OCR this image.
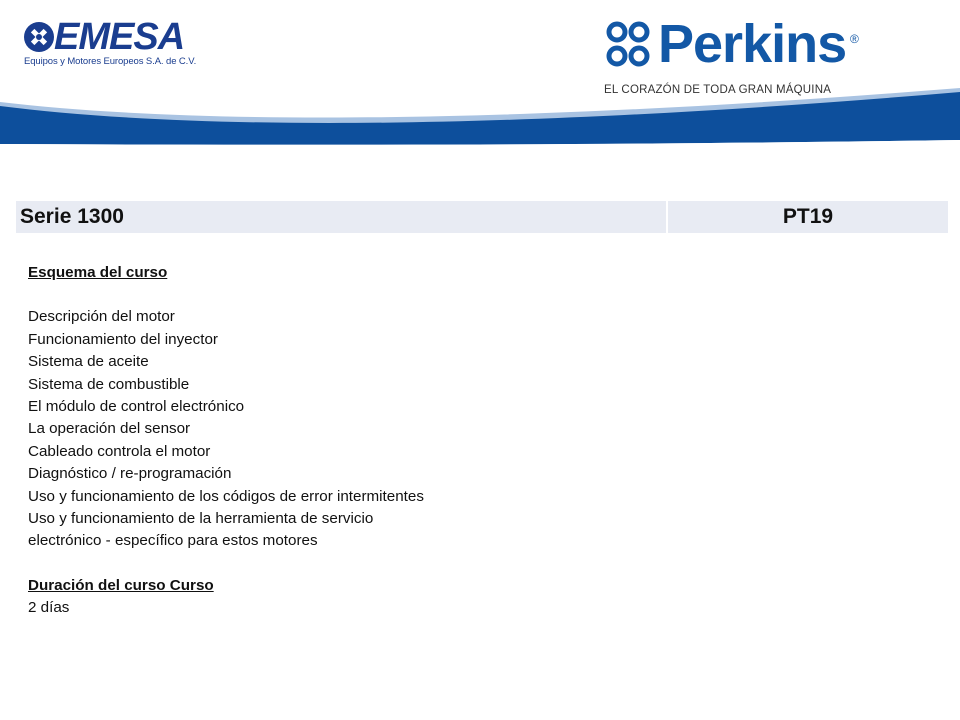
EMESA
Equipos y Motores Europeos S.A. de C.V.	Perkins ®
EL CORAZÓN DE TODA GRAN MÁQUINA
Serie 1300	PT19
Esquema del curso
Descripción del motor
Funcionamiento del inyector
Sistema de aceite
Sistema de combustible
El módulo de control electrónico
La operación del sensor
Cableado controla el motor
Diagnóstico / re-programación
Uso y funcionamiento de los códigos de error intermitentes
Uso y funcionamiento de la herramienta de servicio
electrónico - específico para estos motores
Duración del curso Curso
2 días
